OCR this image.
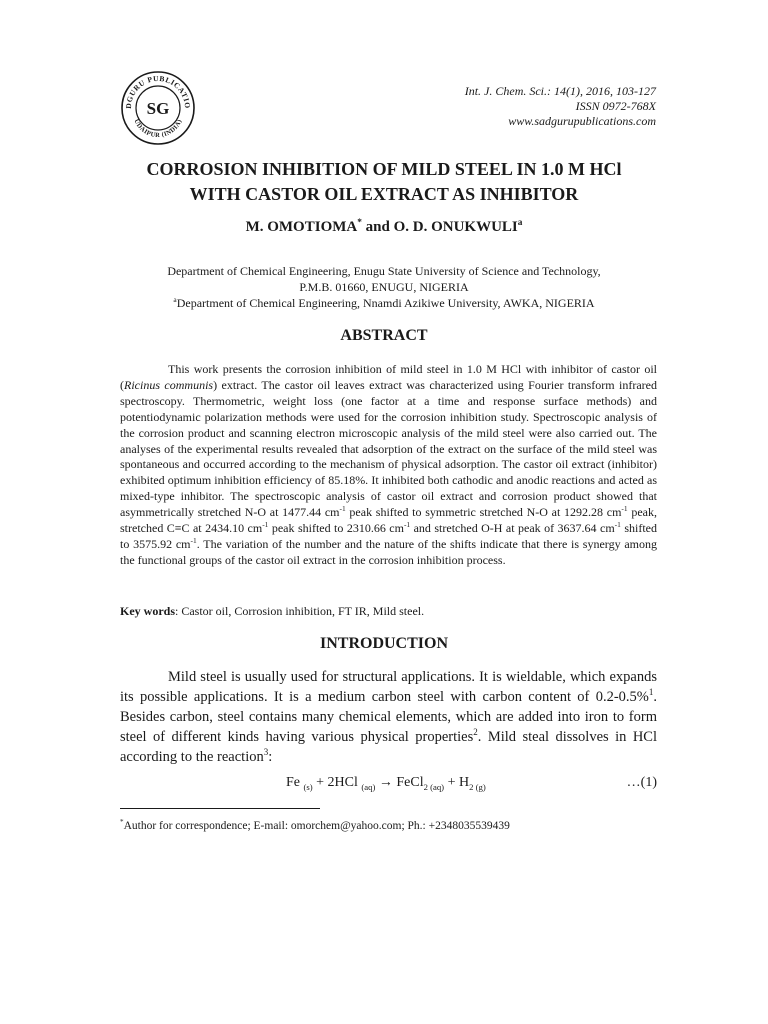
DGURU PUBLICATIO
UDAIPUR (INDIA)
SG
Int. J. Chem. Sci.: 14(1), 2016, 103-127
ISSN 0972-768X
www.sadgurupublications.com
CORROSION INHIBITION OF MILD STEEL IN 1.0 M HCl
WITH CASTOR OIL EXTRACT AS INHIBITOR
M. OMOTIOMA* and O. D. ONUKWULI$^a$
Department of Chemical Engineering, Enugu State University of Science and Technology,
P.M.B. 01660, ENUGU, NIGERIA
$^a$Department of Chemical Engineering, Nnamdi Azikiwe University, AWKA, NIGERIA
ABSTRACT

This work presents the corrosion inhibition of mild steel in 1.0 M HCl with inhibitor of castor oil (Ricinus communis) extract. The castor oil leaves extract was characterized using Fourier transform infrared spectroscopy. Thermometric, weight loss (one factor at a time and response surface methods) and potentiodynamic polarization methods were used for the corrosion inhibition study. Spectroscopic analysis of the corrosion product and scanning electron microscopic analysis of the mild steel were also carried out. The analyses of the experimental results revealed that adsorption of the extract on the surface of the mild steel was spontaneous and occurred according to the mechanism of physical adsorption. The castor oil extract (inhibitor) exhibited optimum inhibition efficiency of 85.18%. It inhibited both cathodic and anodic reactions and acted as mixed-type inhibitor. The spectroscopic analysis of castor oil extract and corrosion product showed that asymmetrically stretched N-O at 1477.44 $cm^{-1}$ peak shifted to symmetric stretched N-O at 1292.28 $cm^{-1}$ peak, stretched C≡C at 2434.10 $cm^{-1}$ peak shifted to 2310.66 $cm^{-1}$ and stretched O-H at peak of 3637.64 $cm^{-1}$ shifted to 3575.92 $cm^{-1}$. The variation of the number and the nature of the shifts indicate that there is synergy among the functional groups of the castor oil extract in the corrosion inhibition process.

Key words: Castor oil, Corrosion inhibition, FT IR, Mild steel.
INTRODUCTION

Mild steel is usually used for structural applications. It is wieldable, which expands its possible applications. It is a medium carbon steel with carbon content of 0.2-0.5%$^1$. Besides carbon, steel contains many chemical elements, which are added into iron to form steel of different kinds having various physical properties$^2$. Mild steal dissolves in HCl according to the reaction$^3$:

Fe $_{(s)}$ + 2HCl $_{(aq)}$ → FeCl$_2$ $_{(aq)} + H_2$ $_{(g)}$	…(1)
*Author for correspondence; E-mail: omorchem@yahoo.com; Ph.: +2348035539439
